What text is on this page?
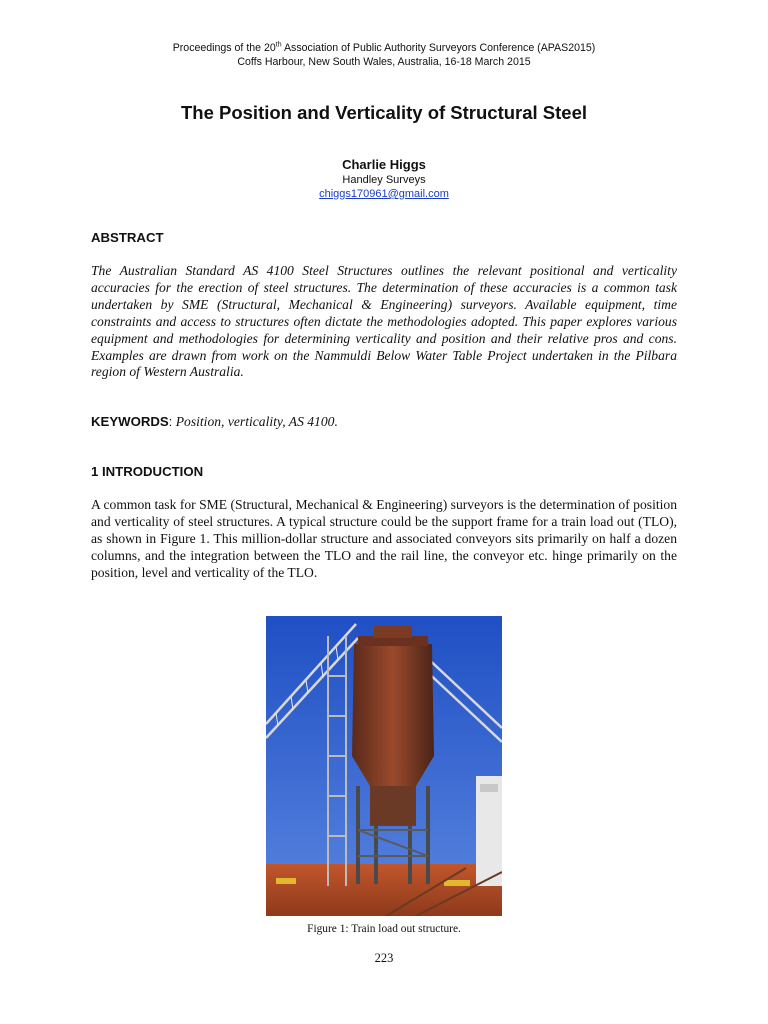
Proceedings of the 20th Association of Public Authority Surveyors Conference (APAS2015)
Coffs Harbour, New South Wales, Australia, 16-18 March 2015
The Position and Verticality of Structural Steel
Charlie Higgs
Handley Surveys
chiggs170961@gmail.com
ABSTRACT
The Australian Standard AS 4100 Steel Structures outlines the relevant positional and verticality accuracies for the erection of steel structures. The determination of these accuracies is a common task undertaken by SME (Structural, Mechanical & Engineering) surveyors. Available equipment, time constraints and access to structures often dictate the methodologies adopted. This paper explores various equipment and methodologies for determining verticality and position and their relative pros and cons. Examples are drawn from work on the Nammuldi Below Water Table Project undertaken in the Pilbara region of Western Australia.
KEYWORDS: Position, verticality, AS 4100.
1 INTRODUCTION
A common task for SME (Structural, Mechanical & Engineering) surveyors is the determination of position and verticality of steel structures. A typical structure could be the support frame for a train load out (TLO), as shown in Figure 1. This million-dollar structure and associated conveyors sits primarily on half a dozen columns, and the integration between the TLO and the rail line, the conveyor etc. hinge primarily on the position, level and verticality of the TLO.
Figure 1: Train load out structure.
223
